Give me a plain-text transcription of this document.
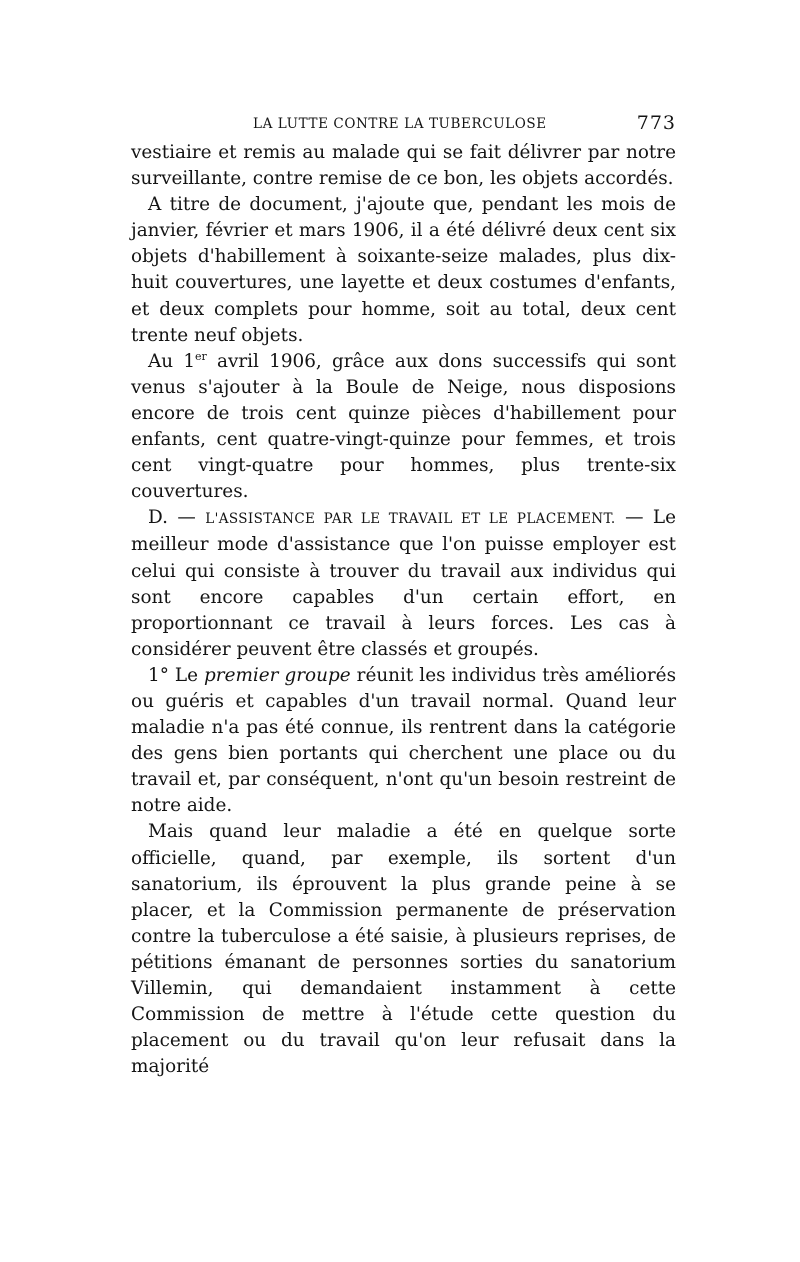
LA LUTTE CONTRE LA TUBERCULOSE	773

vestiaire et remis au malade qui se fait délivrer par notre surveillante, contre remise de ce bon, les objets accordés.

A titre de document, j'ajoute que, pendant les mois de janvier, février et mars 1906, il a été délivré deux cent six objets d'habillement à soixante-seize malades, plus dix-huit couvertures, une layette et deux costumes d'enfants, et deux complets pour homme, soit au total, deux cent trente neuf objets.

Au 1er avril 1906, grâce aux dons successifs qui sont venus s'ajouter à la Boule de Neige, nous disposions encore de trois cent quinze pièces d'habillement pour enfants, cent quatre-vingt-quinze pour femmes, et trois cent vingt-quatre pour hommes, plus trente-six couvertures.

D. — L'ASSISTANCE PAR LE TRAVAIL ET LE PLACEMENT. — Le meilleur mode d'assistance que l'on puisse employer est celui qui consiste à trouver du travail aux individus qui sont encore capables d'un certain effort, en proportionnant ce travail à leurs forces. Les cas à considérer peuvent être classés et groupés.

1° Le premier groupe réunit les individus très améliorés ou guéris et capables d'un travail normal. Quand leur maladie n'a pas été connue, ils rentrent dans la catégorie des gens bien portants qui cherchent une place ou du travail et, par conséquent, n'ont qu'un besoin restreint de notre aide.

Mais quand leur maladie a été en quelque sorte officielle, quand, par exemple, ils sortent d'un sanatorium, ils éprouvent la plus grande peine à se placer, et la Commission permanente de préservation contre la tuberculose a été saisie, à plusieurs reprises, de pétitions émanant de personnes sorties du sanatorium Villemin, qui demandaient instamment à cette Commission de mettre à l'étude cette question du placement ou du travail qu'on leur refusait dans la majorité
